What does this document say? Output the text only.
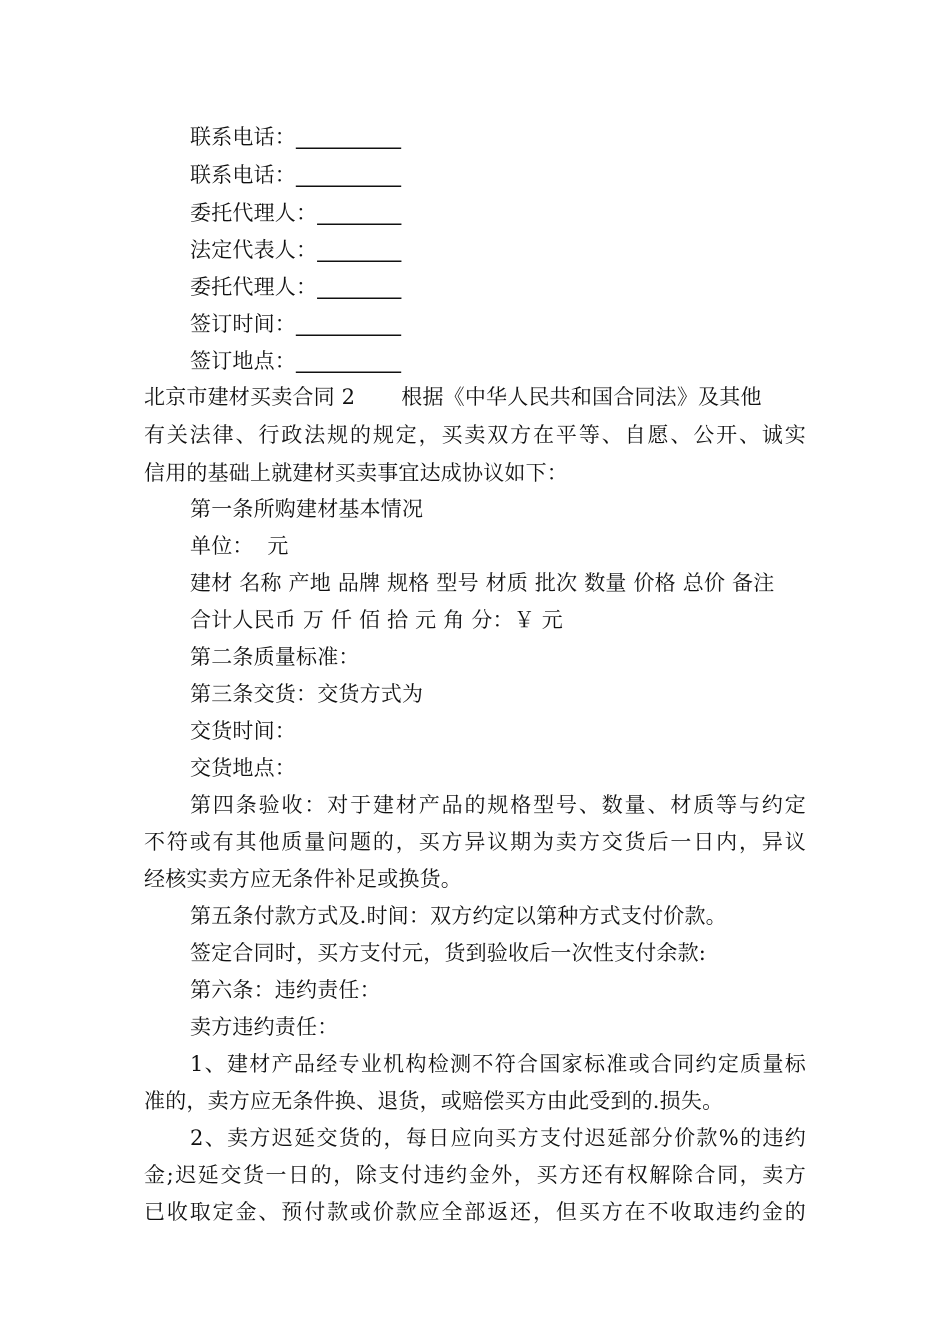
联系电话：__________
联系电话：__________
委托代理人：________
法定代表人：________
委托代理人：________
签订时间：__________
签订地点：__________
北京市建材买卖合同 2 根据《中华人民共和国合同法》及其他
有关法律、行政法规的规定，买卖双方在平等、自愿、公开、诚实
信用的基础上就建材买卖事宜达成协议如下：
第一条所购建材基本情况
单位：  元
建材 名称 产地 品牌 规格 型号 材质 批次 数量 价格 总价 备注
合计人民币 万 仟 佰 拾 元 角 分：￥ 元
第二条质量标准：
第三条交货：交货方式为
交货时间：
交货地点：
第四条验收：对于建材产品的规格型号、数量、材质等与约定
不符或有其他质量问题的，买方异议期为卖方交货后一日内，异议
经核实卖方应无条件补足或换货。
第五条付款方式及.时间：双方约定以第种方式支付价款。
签定合同时，买方支付元，货到验收后一次性支付余款:
第六条：违约责任：
卖方违约责任：
1、建材产品经专业机构检测不符合国家标准或合同约定质量标
准的，卖方应无条件换、退货，或赔偿买方由此受到的.损失。
2、卖方迟延交货的，每日应向买方支付迟延部分价款%的违约
金;迟延交货一日的，除支付违约金外，买方还有权解除合同，卖方
已收取定金、预付款或价款应全部返还，但买方在不收取违约金的
